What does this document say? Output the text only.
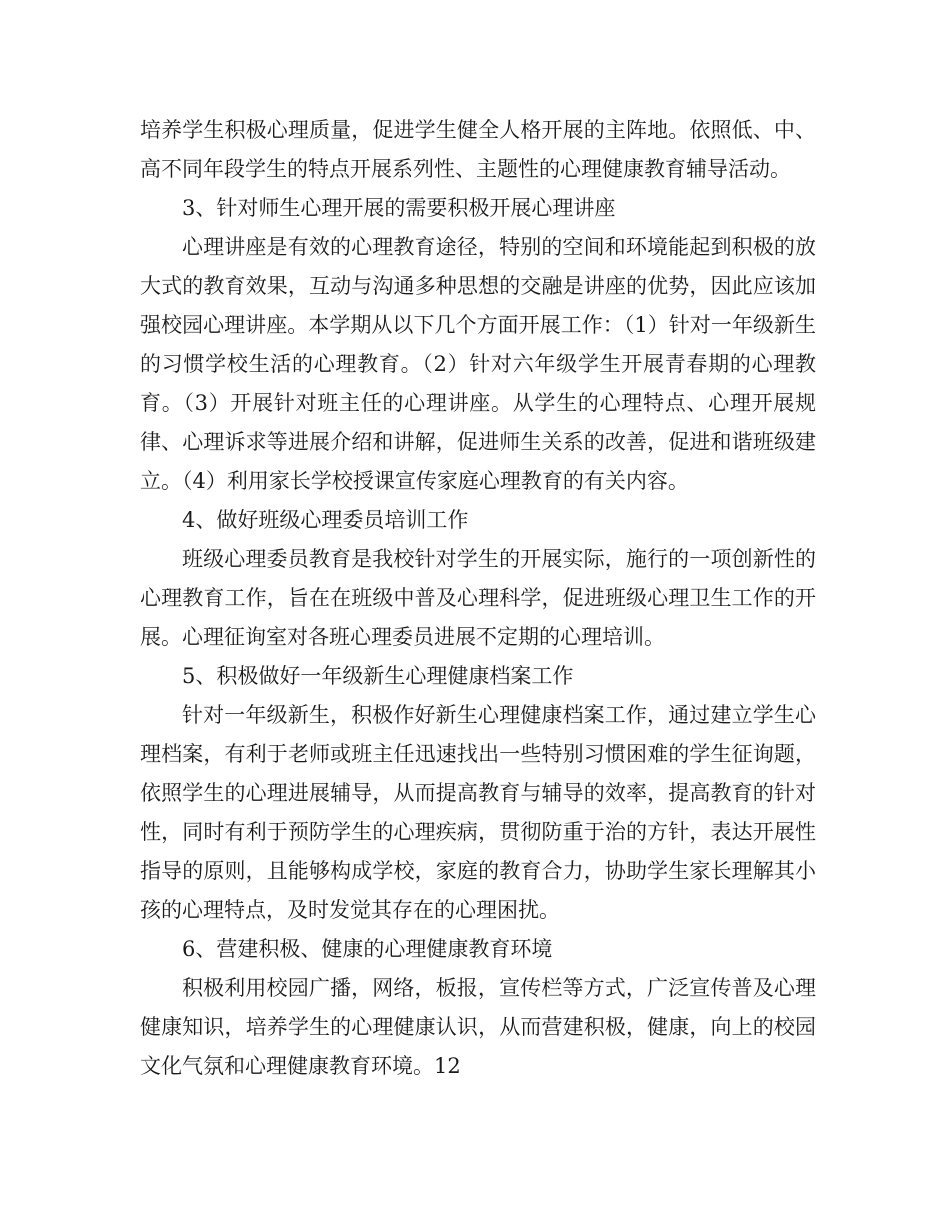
培养学生积极心理质量，促进学生健全人格开展的主阵地。依照低、中、高不同年段学生的特点开展系列性、主题性的心理健康教育辅导活动。

3、针对师生心理开展的需要积极开展心理讲座

心理讲座是有效的心理教育途径，特别的空间和环境能起到积极的放大式的教育效果，互动与沟通多种思想的交融是讲座的优势，因此应该加强校园心理讲座。本学期从以下几个方面开展工作：（1）针对一年级新生的习惯学校生活的心理教育。（2）针对六年级学生开展青春期的心理教育。（3）开展针对班主任的心理讲座。从学生的心理特点、心理开展规律、心理诉求等进展介绍和讲解，促进师生关系的改善，促进和谐班级建立。（4）利用家长学校授课宣传家庭心理教育的有关内容。

4、做好班级心理委员培训工作

班级心理委员教育是我校针对学生的开展实际，施行的一项创新性的心理教育工作，旨在在班级中普及心理科学，促进班级心理卫生工作的开展。心理征询室对各班心理委员进展不定期的心理培训。

5、积极做好一年级新生心理健康档案工作

针对一年级新生，积极作好新生心理健康档案工作，通过建立学生心理档案，有利于老师或班主任迅速找出一些特别习惯困难的学生征询题，依照学生的心理进展辅导，从而提高教育与辅导的效率，提高教育的针对性，同时有利于预防学生的心理疾病，贯彻防重于治的方针，表达开展性指导的原则，且能够构成学校，家庭的教育合力，协助学生家长理解其小孩的心理特点，及时发觉其存在的心理困扰。

6、营建积极、健康的心理健康教育环境

积极利用校园广播，网络，板报，宣传栏等方式，广泛宣传普及心理健康知识，培养学生的心理健康认识，从而营建积极，健康，向上的校园文化气氛和心理健康教育环境。12
